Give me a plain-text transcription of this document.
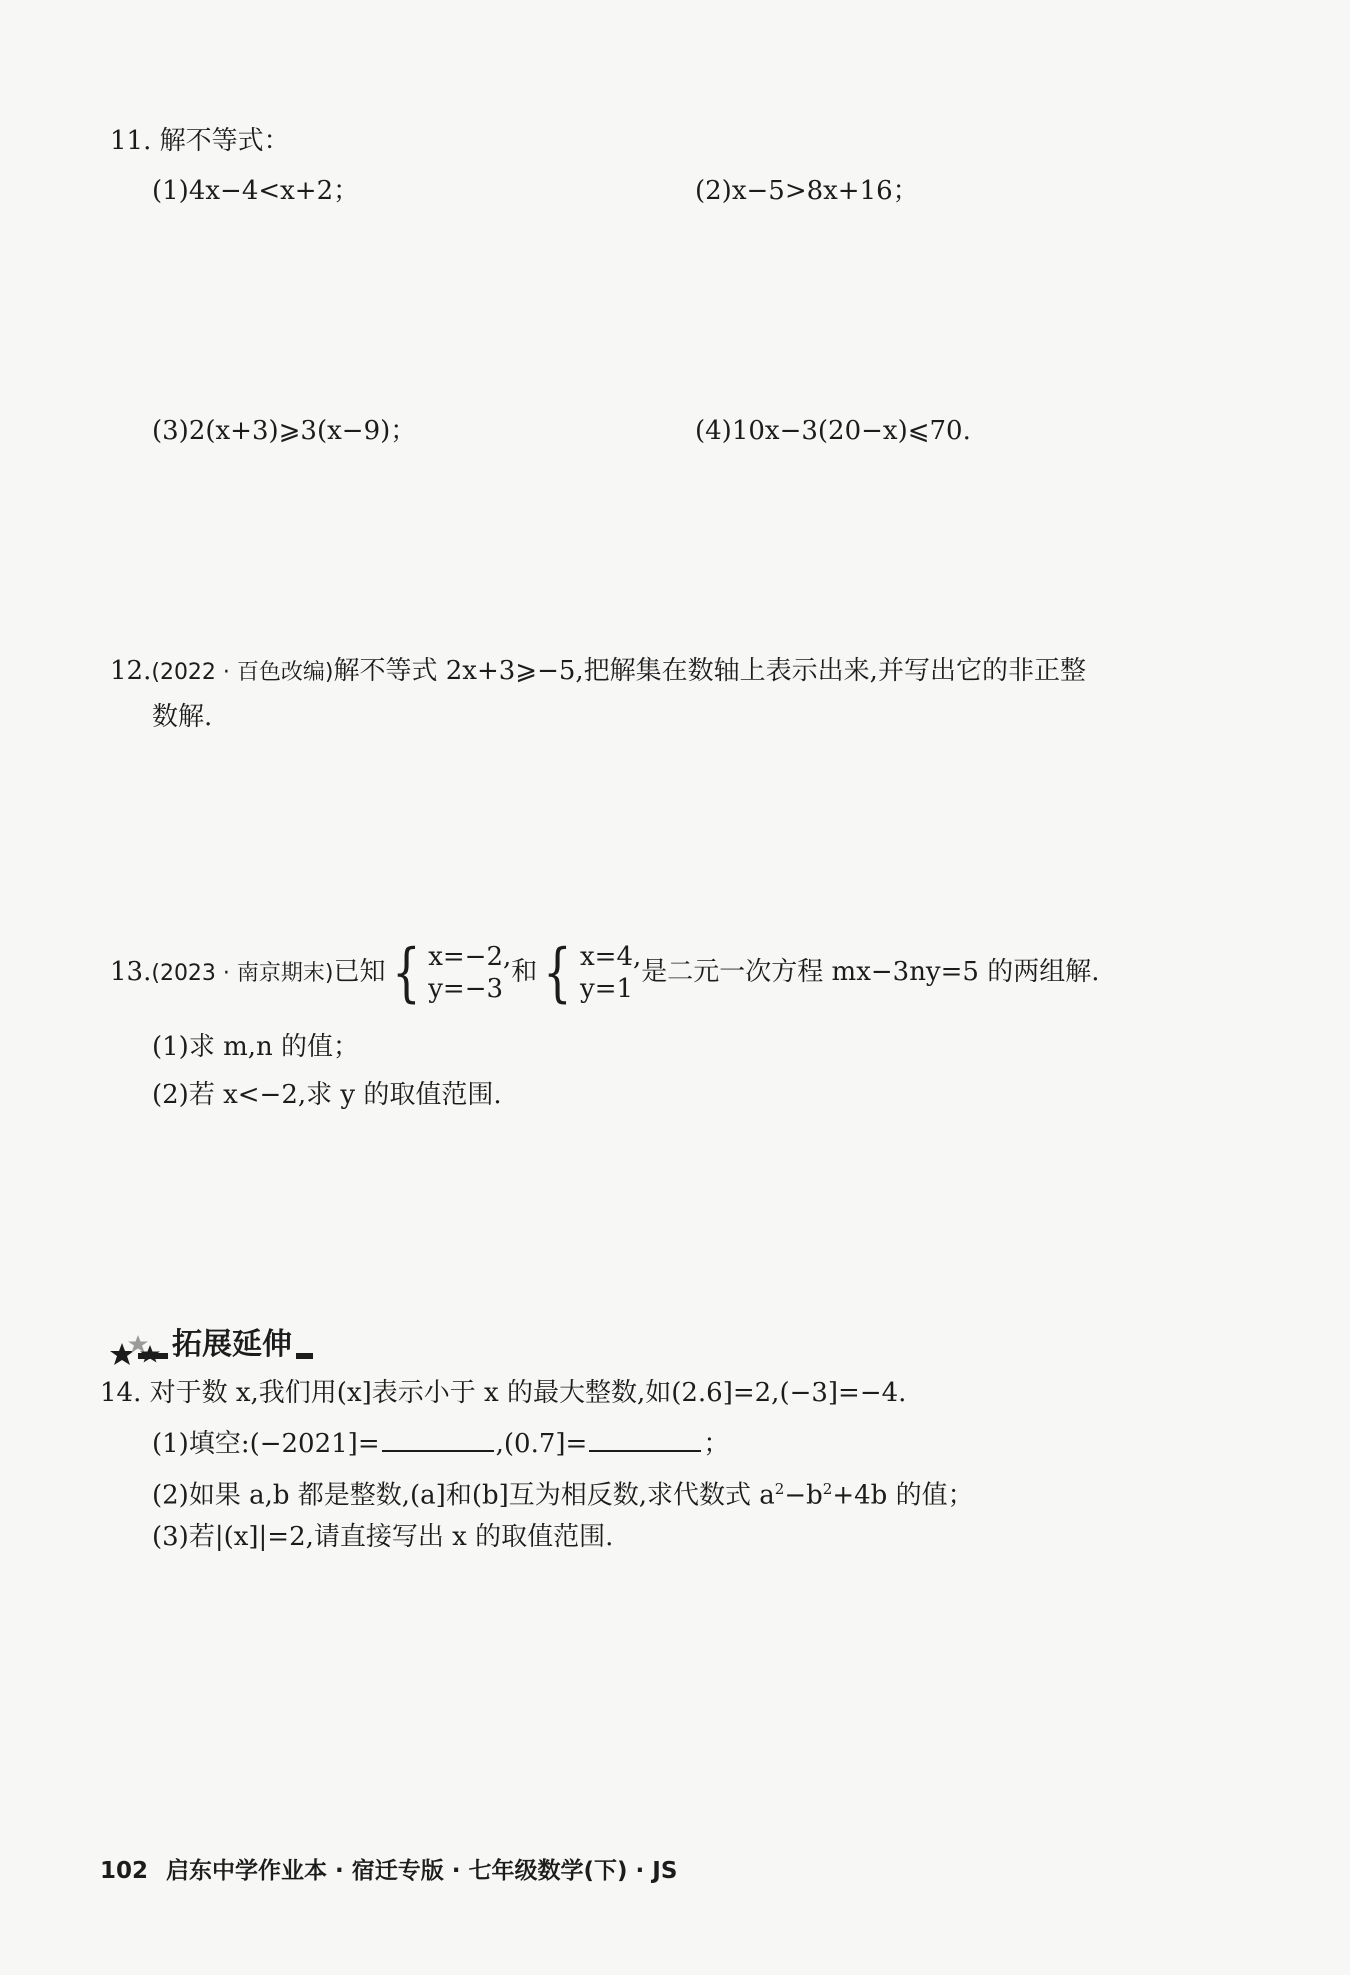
11. 解不等式：
(1)4x−4<x+2；	(2)x−5>8x+16；
(3)2(x+3)⩾3(x−9)；	(4)10x−3(20−x)⩽70.
12.(2022 · 百色改编)解不等式 2x+3⩾−5,把解集在数轴上表示出来,并写出它的非正整
数解.
13.(2023 · 南京期末)已知 { x=−2,
y=−3
和 { x=4,
y=1
是二元一次方程 mx−3ny=5 的两组解.
(1)求 m,n 的值；
(2)若 x<−2,求 y 的取值范围.
拓展延伸
14. 对于数 x,我们用(x]表示小于 x 的最大整数,如(2.6]=2,(−3]=−4.
(1)填空:(−2021]=	,(0.7]=	；
(2)如果 a,b 都是整数,(a]和(b]互为相反数,求代数式 $a^2-b^2+4b$ 的值；
(3)若|(x]|=2,请直接写出 x 的取值范围.
102 启东中学作业本 · 宿迁专版 · 七年级数学(下) · JS
